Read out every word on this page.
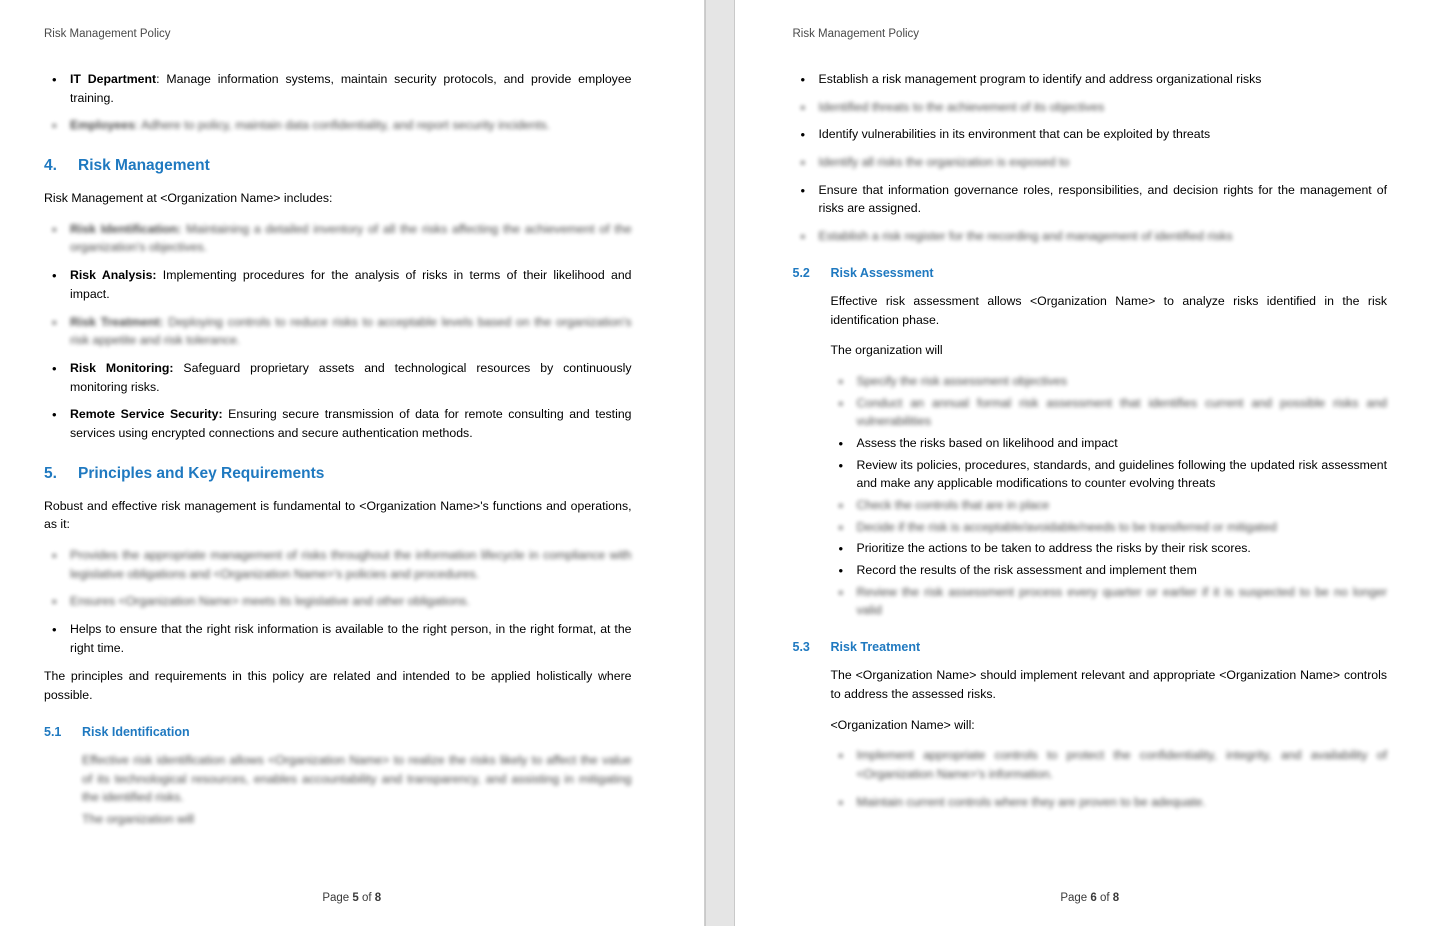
Risk Management Policy
• IT Department: Manage information systems, maintain security protocols, and provide employee training.
• Employees: Adhere to policy, maintain data confidentiality, and report security incidents.
4. Risk Management

Risk Management at <Organization Name> includes:

• Risk Identification: Maintaining a detailed inventory of all the risks affecting the achievement of the organization's objectives.
• Risk Analysis: Implementing procedures for the analysis of risks in terms of their likelihood and impact.
• Risk Treatment: Deploying controls to reduce risks to acceptable levels based on the organization's risk appetite and risk tolerance.
• Risk Monitoring: Safeguard proprietary assets and technological resources by continuously monitoring risks.
• Remote Service Security: Ensuring secure transmission of data for remote consulting and testing services using encrypted connections and secure authentication methods.
5. Principles and Key Requirements

Robust and effective risk management is fundamental to <Organization Name>'s functions and operations, as it:

• Provides the appropriate management of risks throughout the information lifecycle in compliance with legislative obligations and <Organization Name>'s policies and procedures.
• Ensures <Organization Name> meets its legislative and other obligations.
• Helps to ensure that the right risk information is available to the right person, in the right format, at the right time.

The principles and requirements in this policy are related and intended to be applied holistically where possible.

5.1 Risk Identification

Effective risk identification allows <Organization Name> to realize the risks likely to affect the value of its technological resources, enables accountability and transparency, and assisting in mitigating the identified risks.

The organization will

Page 5 of 8
Risk Management Policy
• Establish a risk management program to identify and address organizational risks
• Identified threats to the achievement of its objectives
• Identify vulnerabilities in its environment that can be exploited by threats
• Identify all risks the organization is exposed to
• Ensure that information governance roles, responsibilities, and decision rights for the management of risks are assigned.
• Establish a risk register for the recording and management of identified risks
5.2 Risk Assessment

Effective risk assessment allows <Organization Name> to analyze risks identified in the risk identification phase.

The organization will

• Specify the risk assessment objectives
• Conduct an annual formal risk assessment that identifies current and possible risks and vulnerabilities
• Assess the risks based on likelihood and impact
• Review its policies, procedures, standards, and guidelines following the updated risk assessment and make any applicable modifications to counter evolving threats
• Check the controls that are in place
• Decide if the risk is acceptable/avoidable/needs to be transferred or mitigated
• Prioritize the actions to be taken to address the risks by their risk scores.
• Record the results of the risk assessment and implement them
• Review the risk assessment process every quarter or earlier if it is suspected to be no longer valid
5.3 Risk Treatment

The <Organization Name> should implement relevant and appropriate <Organization Name> controls to address the assessed risks.

<Organization Name> will:

• Implement appropriate controls to protect the confidentiality, integrity, and availability of <Organization Name>'s information.
• Maintain current controls where they are proven to be adequate.
Page 6 of 8
